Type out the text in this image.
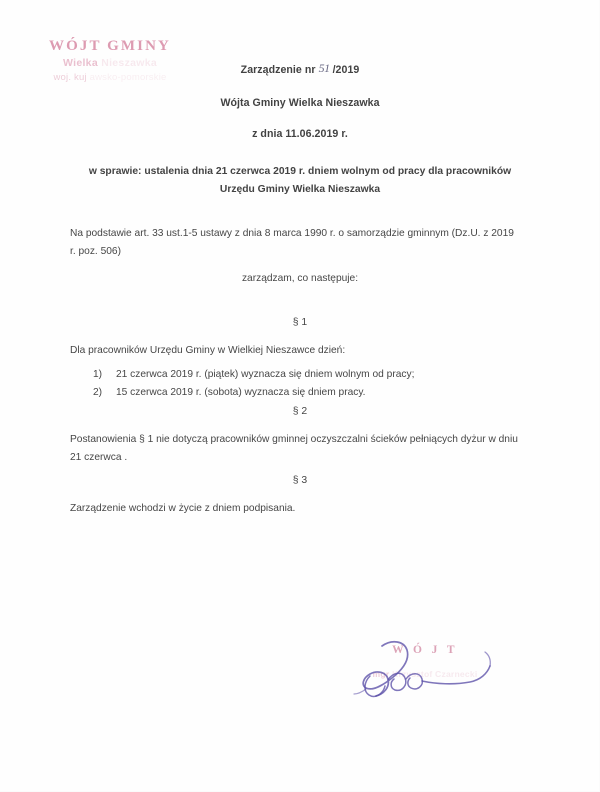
WÓJT GMINY
Wielka Nieszawka
woj. kuj awsko-pomorskie
Zarządzenie nr 51 /2019
Wójta Gminy Wielka Nieszawka
z dnia 11.06.2019 r.
w sprawie: ustalenia dnia 21 czerwca 2019 r. dniem wolnym od pracy dla pracowników
Urzędu Gminy Wielka Nieszawka
Na podstawie art. 33 ust.1-5 ustawy z dnia 8 marca 1990 r. o samorządzie gminnym (Dz.U. z 2019 r. poz. 506)
zarządzam, co następuje:
§ 1
Dla pracowników Urzędu Gminy w Wielkiej Nieszawce dzień:
1)	21 czerwca 2019 r. (piątek) wyznacza się dniem wolnym od pracy;
2)	15 czerwca 2019 r. (sobota) wyznacza się dniem pracy.
§ 2
Postanowienia § 1 nie dotyczą pracowników gminnej oczyszczalni ścieków pełniących dyżur w dniu 21 czerwca .
§ 3
Zarządzenie wchodzi w życie z dniem podpisania.
W Ó J T
mgr Krzysztof Czarnecki
